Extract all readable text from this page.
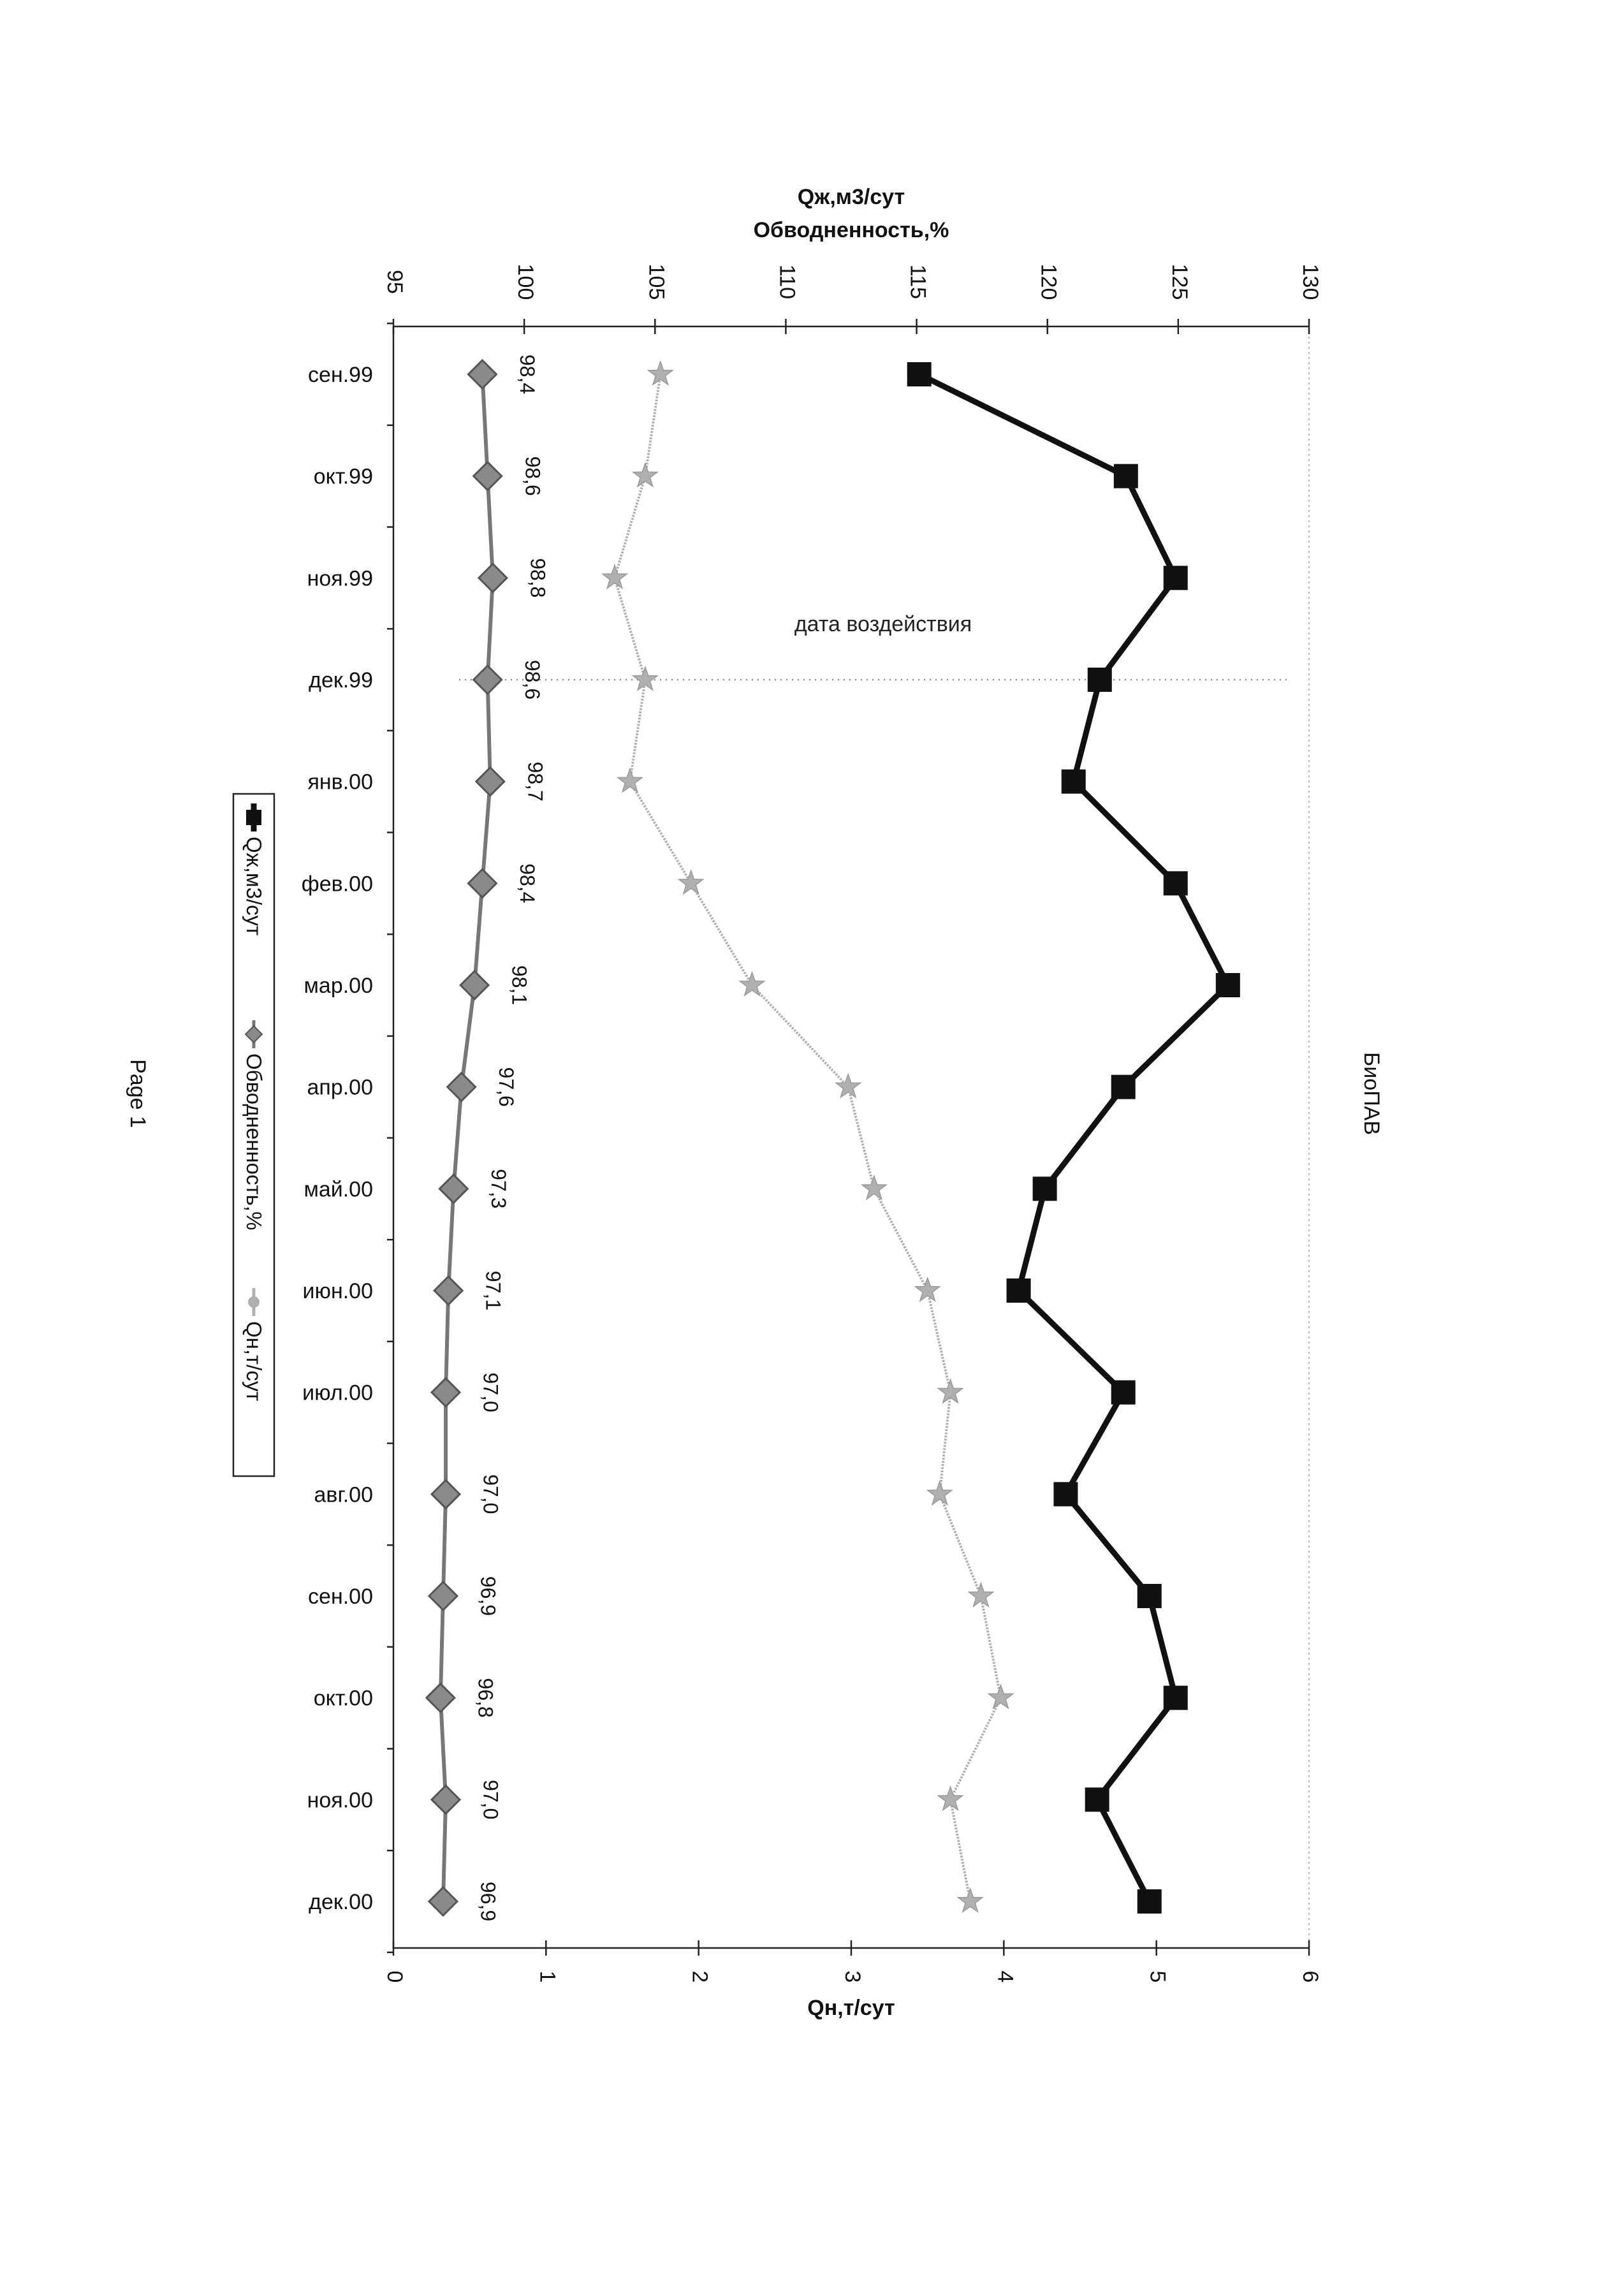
Qж,м3/сут
Обводненность,%
95	100	105	110	115	120	125	130
0	1	2	3	4	5	6
сен.99
окт.99
ноя.99
дек.99
янв.00
фев.00
мар.00
апр.00
май.00
июн.00
июл.00
авг.00
сен.00
окт.00
ноя.00
дек.00
дата воздействия
98,4
98,6
98,8
98,6
98,7
98,4
98,1
97,6
97,3
97,1
97,0
97,0
96,9
96,8
97,0
96,9
Qн,т/сут
Qж,м3/сут
Обводненность,%
Qн,т/сут
БиоПАВ
Page 1
